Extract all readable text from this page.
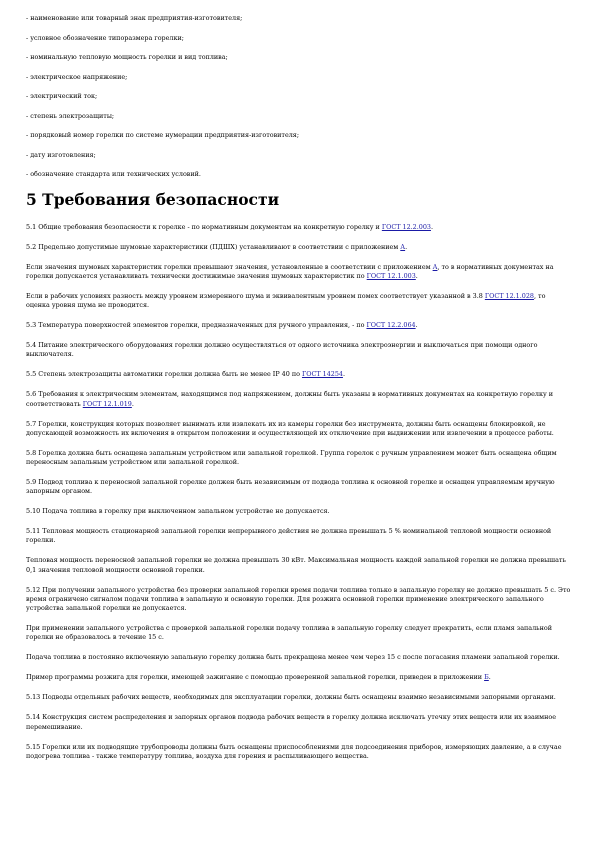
- наименование или товарный знак предприятия-изготовителя;

- условное обозначение типоразмера горелки;

- номинальную тепловую мощность горелки и вид топлива;

- электрическое напряжение;

- электрический ток;

- степень электрозащиты;

- порядковый номер горелки по системе нумерации предприятия-изготовителя;

- дату изготовления;

- обозначение стандарта или технических условий.

5 Требования безопасности

5.1 Общие требования безопасности к горелке - по нормативным документам на конкретную горелку и ГОСТ 12.2.003.

5.2 Предельно допустимые шумовые характеристики (ПДШХ) устанавливают в соответствии с приложением А.

Если значения шумовых характеристик горелки превышают значения, установленные в соответствии с приложением А, то в нормативных документах на горелки допускается устанавливать технически достижимые значения шумовых характеристик по ГОСТ 12.1.003.

Если в рабочих условиях разность между уровнем измеренного шума и эквивалентным уровнем помех соответствует указанной в 3.8 ГОСТ 12.1.028, то оценка уровня шума не проводится.

5.3 Температура поверхностей элементов горелки, предназначенных для ручного управления, - по ГОСТ 12.2.064.

5.4 Питание электрического оборудования горелки должно осуществляться от одного источника электроэнергии и выключаться при помощи одного выключателя.

5.5 Степень электрозащиты автоматики горелки должна быть не менее IP 40 по ГОСТ 14254.

5.6 Требования к электрическим элементам, находящимся под напряжением, должны быть указаны в нормативных документах на конкретную горелку и соответствовать ГОСТ 12.1.019.

5.7 Горелки, конструкция которых позволяет вынимать или извлекать их из камеры горелки без инструмента, должны быть оснащены блокировкой, не допускающей возможность их включения в открытом положении и осуществляющей их отключение при выдвижении или извлечении в процессе работы.

5.8 Горелка должна быть оснащена запальным устройством или запальной горелкой. Группа горелок с ручным управлением может быть оснащена общим переносным запальным устройством или запальной горелкой.

5.9 Подвод топлива к переносной запальной горелке должен быть независимым от подвода топлива к основной горелке и оснащен управляемым вручную запорным органом.

5.10 Подача топлива в горелку при выключенном запальном устройстве не допускается.

5.11 Тепловая мощность стационарной запальной горелки непрерывного действия не должна превышать 5 % номинальной тепловой мощности основной горелки.

Тепловая мощность переносной запальной горелки не должна превышать 30 кВт. Максимальная мощность каждой запальной горелки не должна превышать 0,1 значения тепловой мощности основной горелки.

5.12 При получении запального устройства без проверки запальной горелки время подачи топлива только в запальную горелку не должно превышать 5 с. Это время ограничено сигналом подачи топлива в запальную и основную горелки. Для розжига основной горелки применение электрического запального устройства запальной горелки не допускается.

При применении запального устройства с проверкой запальной горелки подачу топлива в запальную горелку следует прекратить, если пламя запальной горелки не образовалось в течение 15 с.

Подача топлива в постоянно включенную запальную горелку должна быть прекращена менее чем через 15 с после погасания пламени запальной горелки.

Пример программы розжига для горелки, имеющей зажигание с помощью проверенной запальной горелки, приведен в приложении Б.

5.13 Подводы отдельных рабочих веществ, необходимых для эксплуатации горелки, должны быть оснащены взаимно независимыми запорными органами.

5.14 Конструкция систем распределения и запорных органов подвода рабочих веществ в горелку должна исключать утечку этих веществ или их взаимное перемешивание.

5.15 Горелки или их подводящие трубопроводы должны быть оснащены приспособлениями для подсоединения приборов, измеряющих давление, а в случае подогрева топлива - также температуру топлива, воздуха для горения и распыливающего вещества.
